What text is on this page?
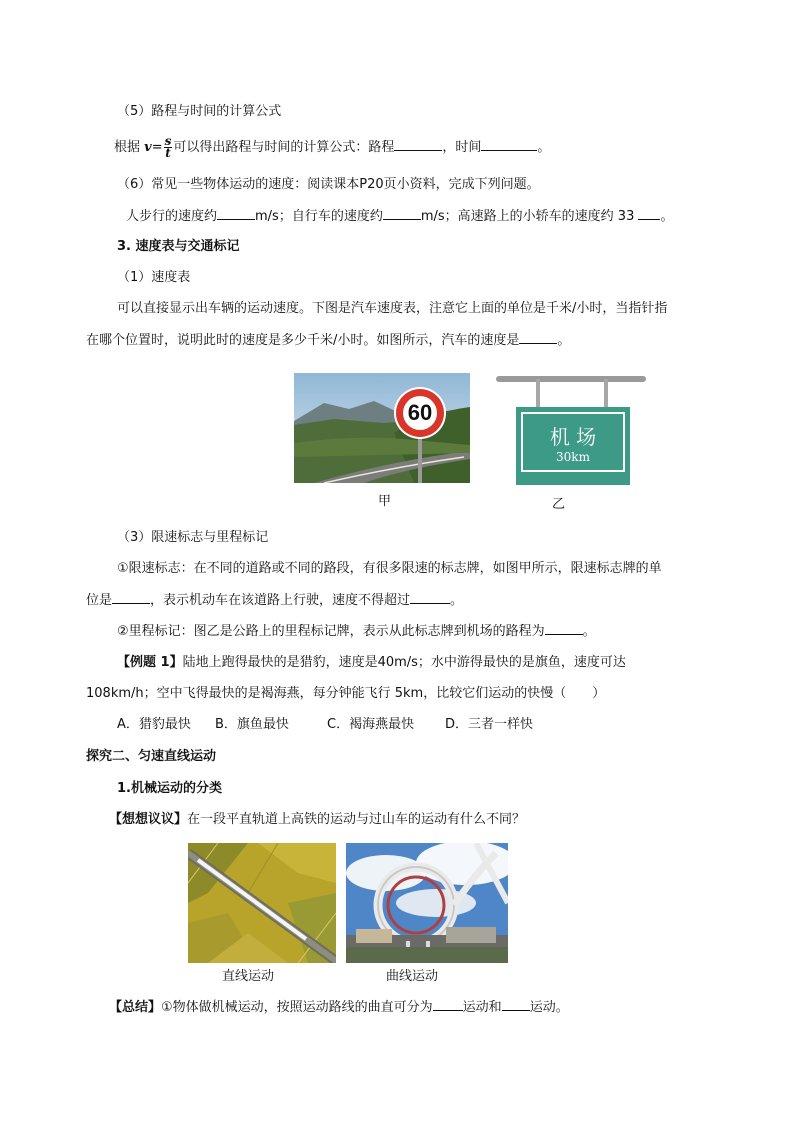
（5）路程与时间的计算公式
根据 $v= \frac{s}{t}$ 可以得出路程与时间的计算公式：路程	，时间	。
（6）常见一些物体运动的速度：阅读课本P20页小资料，完成下列问题。
人步行的速度约	m/s；自行车的速度约	m/s；高速路上的小轿车的速度约 33 。
3. 速度表与交通标记
（1）速度表
可以直接显示出车辆的运动速度。下图是汽车速度表，注意它上面的单位是千米/小时，当指针指
在哪个位置时，说明此时的速度是多少千米/小时。如图所示，汽车的速度是	。
60
甲
机 场
30km
乙
（3）限速标志与里程标记
①限速标志：在不同的道路或不同的路段，有很多限速的标志牌，如图甲所示，限速标志牌的单
位是	，表示机动车在该道路上行驶，速度不得超过	。
②里程标记：图乙是公路上的里程标记牌，表示从此标志牌到机场的路程为	。
【例题 1】陆地上跑得最快的是猎豹，速度是40m/s；水中游得最快的是旗鱼，速度可达
108km/h；空中飞得最快的是褐海燕，每分钟能飞行 5km，比较它们运动的快慢（　　）
A．猎豹最快 B．旗鱼最快	C．褐海燕最快 D．三者一样快
探究二、匀速直线运动
1.机械运动的分类
【想想议议】在一段平直轨道上高铁的运动与过山车的运动有什么不同？
直线运动	曲线运动
【总结】①物体做机械运动，按照运动路线的曲直可分为 运动和 运动。
